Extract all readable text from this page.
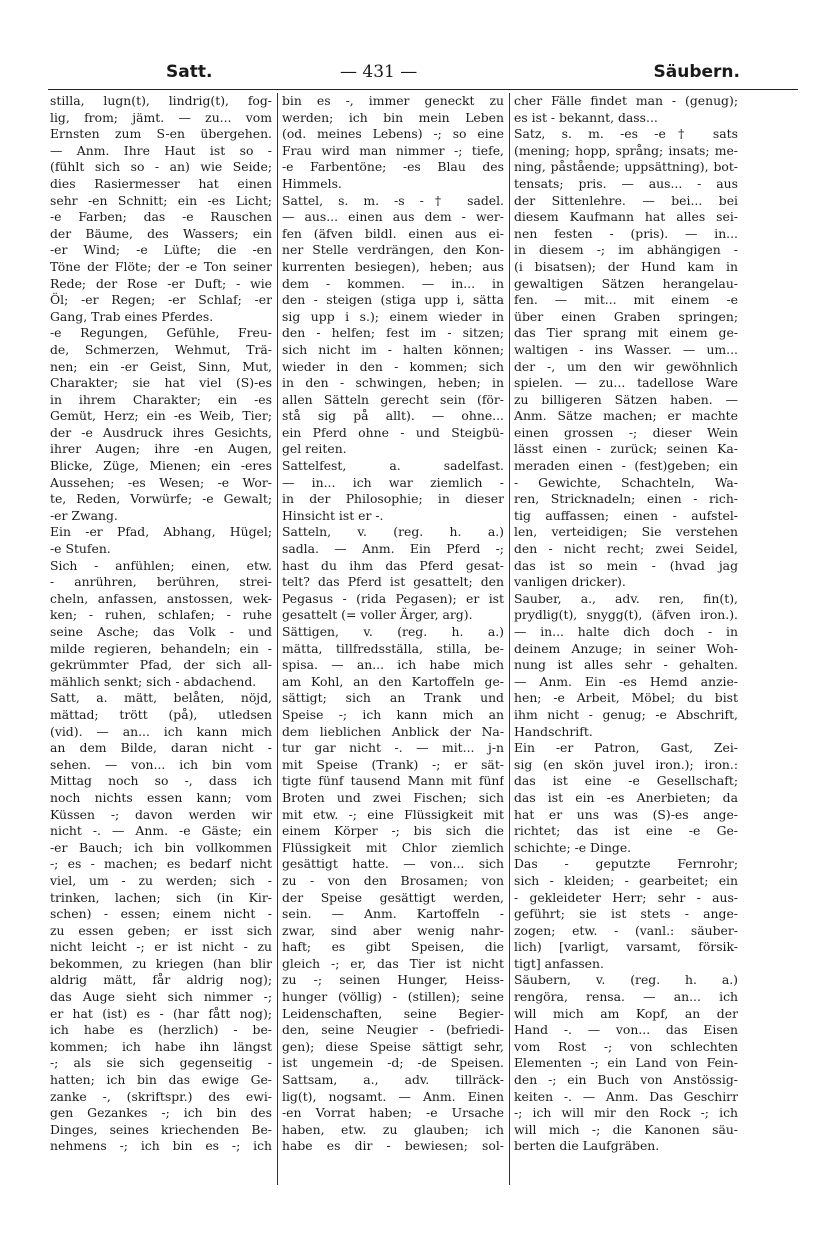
Satt.	— 431 —	Säubern.
stilla, lugn(t), lindrig(t), fog-
lig, from; jämt. — zu... vom
Ernsten zum S-en übergehen.
— Anm. Ihre Haut ist so -
(fühlt sich so - an) wie Seide;
dies Rasiermesser hat einen
sehr -en Schnitt; ein -es Licht;
-e Farben; das -e Rauschen
der Bäume, des Wassers; ein
-er Wind; -e Lüfte; die -en
Töne der Flöte; der -e Ton seiner
Rede; der Rose -er Duft; - wie
Öl; -er Regen; -er Schlaf; -er
Gang, Trab eines Pferdes.
-e Regungen, Gefühle, Freu-
de, Schmerzen, Wehmut, Trä-
nen; ein -er Geist, Sinn, Mut,
Charakter; sie hat viel (S)-es
in ihrem Charakter; ein -es
Gemüt, Herz; ein -es Weib, Tier;
der -e Ausdruck ihres Gesichts,
ihrer Augen; ihre -en Augen,
Blicke, Züge, Mienen; ein -eres
Aussehen; -es Wesen; -e Wor-
te, Reden, Vorwürfe; -e Gewalt;
-er Zwang.
Ein -er Pfad, Abhang, Hügel;
-e Stufen.
Sich - anfühlen; einen, etw.
- anrühren, berühren, strei-
cheln, anfassen, anstossen, wek-
ken; - ruhen, schlafen; - ruhe
seine Asche; das Volk - und
milde regieren, behandeln; ein -
gekrümmter Pfad, der sich all-
mählich senkt; sich - abdachend.
Satt, a. mätt, belåten, nöjd,
mättad; trött (på), utledsen
(vid). — an... ich kann mich
an dem Bilde, daran nicht -
sehen. — von... ich bin vom
Mittag noch so -, dass ich
noch nichts essen kann; vom
Küssen -; davon werden wir
nicht -. — Anm. -e Gäste; ein
-er Bauch; ich bin vollkommen
-; es - machen; es bedarf nicht
viel, um - zu werden; sich -
trinken, lachen; sich (in Kir-
schen) - essen; einem nicht -
zu essen geben; er isst sich
nicht leicht -; er ist nicht - zu
bekommen, zu kriegen (han blir
aldrig mätt, får aldrig nog);
das Auge sieht sich nimmer -;
er hat (ist) es - (har fått nog);
ich habe es (herzlich) - be-
kommen; ich habe ihn längst
-; als sie sich gegenseitig -
hatten; ich bin das ewige Ge-
zanke -, (skriftspr.) des ewi-
gen Gezankes -; ich bin des
Dinges, seines kriechenden Be-
nehmens -; ich bin es -; ich
bin es -, immer geneckt zu
werden; ich bin mein Leben
(od. meines Lebens) -; so eine
Frau wird man nimmer -; tiefe,
-e Farbentöne; -es Blau des
Himmels.
Sattel, s. m. -s -† sadel.
— aus... einen aus dem - wer-
fen (äfven bildl. einen aus ei-
ner Stelle verdrängen, den Kon-
kurrenten besiegen), heben; aus
dem - kommen. — in... in
den - steigen (stiga upp i, sätta
sig upp i s.); einem wieder in
den - helfen; fest im - sitzen;
sich nicht im - halten können;
wieder in den - kommen; sich
in den - schwingen, heben; in
allen Sätteln gerecht sein (för-
stå sig på allt). — ohne...
ein Pferd ohne - und Steigbü-
gel reiten.
Sattelfest, a. sadelfast.
— in... ich war ziemlich -
in der Philosophie; in dieser
Hinsicht ist er -.
Satteln, v. (reg. h. a.)
sadla. — Anm. Ein Pferd -;
hast du ihm das Pferd gesat-
telt? das Pferd ist gesattelt; den
Pegasus - (rida Pegasen); er ist
gesattelt (= voller Ärger, arg).
Sättigen, v. (reg. h. a.)
mätta, tillfredsställa, stilla, be-
spisa. — an... ich habe mich
am Kohl, an den Kartoffeln ge-
sättigt; sich an Trank und
Speise -; ich kann mich an
dem lieblichen Anblick der Na-
tur gar nicht -. — mit... j-n
mit Speise (Trank) -; er sät-
tigte fünf tausend Mann mit fünf
Broten und zwei Fischen; sich
mit etw. -; eine Flüssigkeit mit
einem Körper -; bis sich die
Flüssigkeit mit Chlor ziemlich
gesättigt hatte. — von... sich
zu - von den Brosamen; von
der Speise gesättigt werden,
sein. — Anm. Kartoffeln -
zwar, sind aber wenig nahr-
haft; es gibt Speisen, die
gleich -; er, das Tier ist nicht
zu -; seinen Hunger, Heiss-
hunger (völlig) - (stillen); seine
Leidenschaften, seine Begier-
den, seine Neugier - (befriedi-
gen); diese Speise sättigt sehr,
ist ungemein -d; -de Speisen.
Sattsam, a., adv. tillräck-
lig(t), nogsamt. — Anm. Einen
-en Vorrat haben; -e Ursache
haben, etw. zu glauben; ich
habe es dir - bewiesen; sol-
cher Fälle findet man - (genug);
es ist - bekannt, dass...
Satz, s. m. -es -e† sats
(mening; hopp, språng; insats; me-
ning, påstående; uppsättning), bot-
tensats; pris. — aus... - aus
der Sittenlehre. — bei... bei
diesem Kaufmann hat alles sei-
nen festen - (pris). — in...
in diesem -; im abhängigen -
(i bisatsen); der Hund kam in
gewaltigen Sätzen herangelau-
fen. — mit... mit einem -e
über einen Graben springen;
das Tier sprang mit einem ge-
waltigen - ins Wasser. — um...
der -, um den wir gewöhnlich
spielen. — zu... tadellose Ware
zu billigeren Sätzen haben. —
Anm. Sätze machen; er machte
einen grossen -; dieser Wein
lässt einen - zurück; seinen Ka-
meraden einen - (fest)geben; ein
- Gewichte, Schachteln, Wa-
ren, Stricknadeln; einen - rich-
tig auffassen; einen - aufstel-
len, verteidigen; Sie verstehen
den - nicht recht; zwei Seidel,
das ist so mein - (hvad jag
vanligen dricker).
Sauber, a., adv. ren, fin(t),
prydlig(t), snygg(t), (äfven iron.).
— in... halte dich doch - in
deinem Anzuge; in seiner Woh-
nung ist alles sehr - gehalten.
— Anm. Ein -es Hemd anzie-
hen; -e Arbeit, Möbel; du bist
ihm nicht - genug; -e Abschrift,
Handschrift.
Ein -er Patron, Gast, Zei-
sig (en skön juvel iron.); iron.:
das ist eine -e Gesellschaft;
das ist ein -es Anerbieten; da
hat er uns was (S)-es ange-
richtet; das ist eine -e Ge-
schichte; -e Dinge.
Das - geputzte Fernrohr;
sich - kleiden; - gearbeitet; ein
- gekleideter Herr; sehr - aus-
geführt; sie ist stets - ange-
zogen; etw. - (vanl.: säuber-
lich) [varligt, varsamt, försik-
tigt] anfassen.
Säubern, v. (reg. h. a.)
rengöra, rensa. — an... ich
will mich am Kopf, an der
Hand -. — von... das Eisen
vom Rost -; von schlechten
Elementen -; ein Land von Fein-
den -; ein Buch von Anstössig-
keiten -. — Anm. Das Geschirr
-; ich will mir den Rock -; ich
will mich -; die Kanonen säu-
berten die Laufgräben.
